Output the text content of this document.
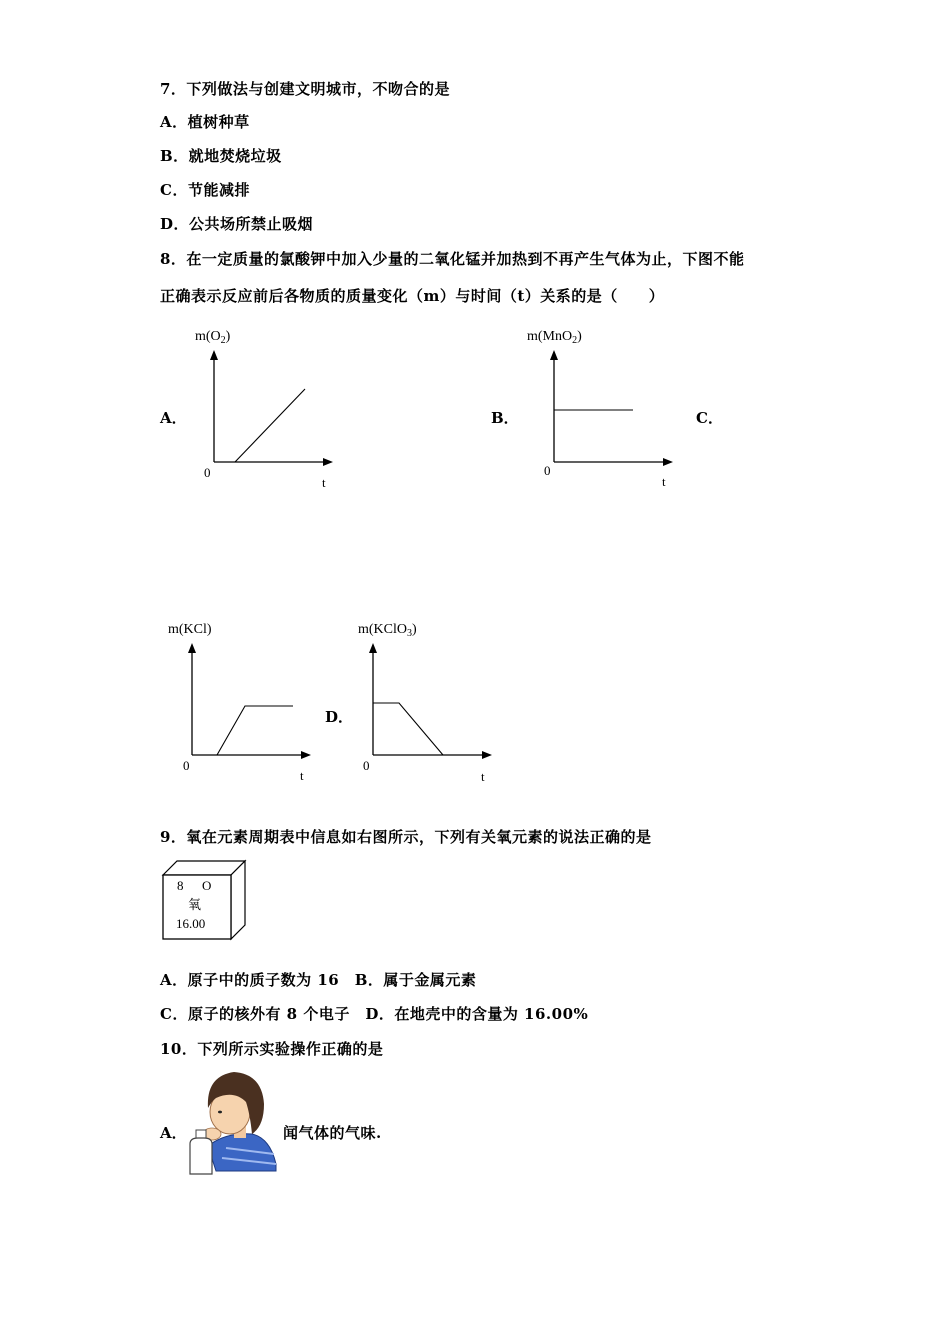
7．下列做法与创建文明城市，不吻合的是
A．植树种草
B．就地焚烧垃圾
C．节能减排
D．公共场所禁止吸烟
8．在一定质量的氯酸钾中加入少量的二氧化锰并加热到不再产生气体为止，下图不能
正确表示反应前后各物质的质量变化（m）与时间（t）关系的是（　　）
A．	B．	C．
D．
$m(O_2)$
0
t
m(MnO$_2$)
0
t
m(KCl)
0
t
m(KClO$_3$)
0
t
9．氧在元素周期表中信息如右图所示，下列有关氧元素的说法正确的是
8 O
氧
16.00
A．原子中的质子数为 16　B．属于金属元素
C．原子的核外有 8 个电子　D．在地壳中的含量为 16.00%
10．下列所示实验操作正确的是
A．	闻气体的气味.
